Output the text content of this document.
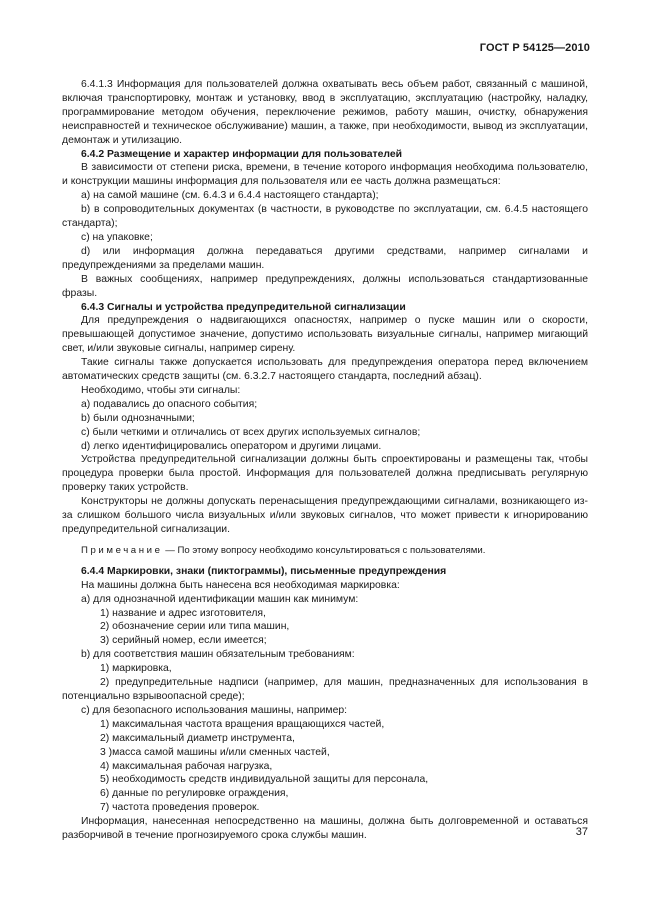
ГОСТ Р 54125—2010

6.4.1.3 Информация для пользователей должна охватывать весь объем работ, связанный с машиной, включая транспортировку, монтаж и установку, ввод в эксплуатацию, эксплуатацию (настройку, наладку, программирование методом обучения, переключение режимов, работу машин, очистку, обнаружения неисправностей и техническое обслуживание) машин, а также, при необходимости, вывод из эксплуатации, демонтаж и утилизацию.

6.4.2 Размещение и характер информации для пользователей

В зависимости от степени риска, времени, в течение которого информация необходима пользователю, и конструкции машины информация для пользователя или ее часть должна размещаться:

а) на самой машине (см. 6.4.3 и 6.4.4 настоящего стандарта);

b) в сопроводительных документах (в частности, в руководстве по эксплуатации, см. 6.4.5 настоящего стандарта);

с) на упаковке;

d) или информация должна передаваться другими средствами, например сигналами и предупреждениями за пределами машин.

В важных сообщениях, например предупреждениях, должны использоваться стандартизованные фразы.

6.4.3 Сигналы и устройства предупредительной сигнализации

Для предупреждения о надвигающихся опасностях, например о пуске машин или о скорости, превышающей допустимое значение, допустимо использовать визуальные сигналы, например мигающий свет, и/или звуковые сигналы, например сирену.

Такие сигналы также допускается использовать для предупреждения оператора перед включением автоматических средств защиты (см. 6.3.2.7 настоящего стандарта, последний абзац).

Необходимо, чтобы эти сигналы:

а) подавались до опасного события;

b) были однозначными;

с) были четкими и отличались от всех других используемых сигналов;

d) легко идентифицировались оператором и другими лицами.

Устройства предупредительной сигнализации должны быть спроектированы и размещены так, чтобы процедура проверки была простой. Информация для пользователей должна предписывать регулярную проверку таких устройств.

Конструкторы не должны допускать перенасыщения предупреждающими сигналами, возникающего из-за слишком большого числа визуальных и/или звуковых сигналов, что может привести к игнорированию предупредительной сигнализации.

Примечание — По этому вопросу необходимо консультироваться с пользователями.

6.4.4 Маркировки, знаки (пиктограммы), письменные предупреждения

На машины должна быть нанесена вся необходимая маркировка:

а) для однозначной идентификации машин как минимум:

1) название и адрес изготовителя,

2) обозначение серии или типа машин,

3) серийный номер, если имеется;

b) для соответствия машин обязательным требованиям:

1) маркировка,

2) предупредительные надписи (например, для машин, предназначенных для использования в потенциально взрывоопасной среде);

с) для безопасного использования машины, например:

1) максимальная частота вращения вращающихся частей,

2) максимальный диаметр инструмента,

3 )масса самой машины и/или сменных частей,

4) максимальная рабочая нагрузка,

5) необходимость средств индивидуальной защиты для персонала,

6) данные по регулировке ограждения,

7) частота проведения проверок.

Информация, нанесенная непосредственно на машины, должна быть долговременной и оставаться разборчивой в течение прогнозируемого срока службы машин.	37
